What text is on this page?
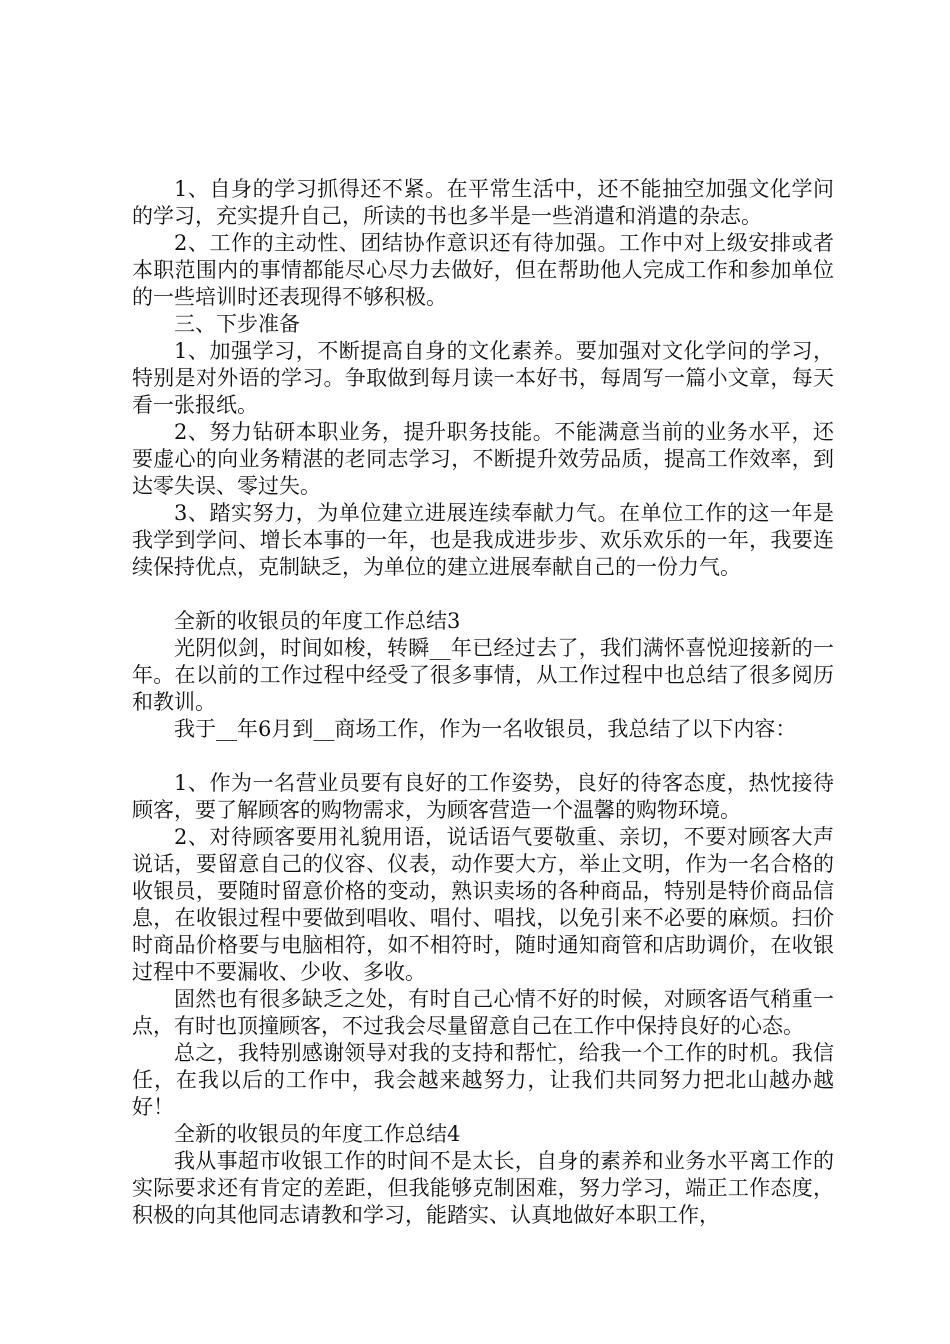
1、自身的学习抓得还不紧。在平常生活中，还不能抽空加强文化学问的学习，充实提升自己，所读的书也多半是一些消遣和消遣的杂志。

2、工作的主动性、团结协作意识还有待加强。工作中对上级安排或者本职范围内的事情都能尽心尽力去做好，但在帮助他人完成工作和参加单位的一些培训时还表现得不够积极。

三、下步准备

1、加强学习，不断提高自身的文化素养。要加强对文化学问的学习，特别是对外语的学习。争取做到每月读一本好书，每周写一篇小文章，每天看一张报纸。

2、努力钻研本职业务，提升职务技能。不能满意当前的业务水平，还要虚心的向业务精湛的老同志学习，不断提升效劳品质，提高工作效率，到达零失误、零过失。

3、踏实努力，为单位建立进展连续奉献力气。在单位工作的这一年是我学到学问、增长本事的一年，也是我成进步步、欢乐欢乐的一年，我要连续保持优点，克制缺乏，为单位的建立进展奉献自己的一份力气。

全新的收银员的年度工作总结3

光阴似剑，时间如梭，转瞬__年已经过去了，我们满怀喜悦迎接新的一年。在以前的工作过程中经受了很多事情，从工作过程中也总结了很多阅历和教训。

我于__年6月到__商场工作，作为一名收银员，我总结了以下内容：

1、作为一名营业员要有良好的工作姿势，良好的待客态度，热忱接待顾客，要了解顾客的购物需求，为顾客营造一个温馨的购物环境。

2、对待顾客要用礼貌用语，说话语气要敬重、亲切，不要对顾客大声说话，要留意自己的仪容、仪表，动作要大方，举止文明，作为一名合格的收银员，要随时留意价格的变动，熟识卖场的各种商品，特别是特价商品信息，在收银过程中要做到唱收、唱付、唱找，以免引来不必要的麻烦。扫价时商品价格要与电脑相符，如不相符时，随时通知商管和店助调价，在收银过程中不要漏收、少收、多收。

固然也有很多缺乏之处，有时自己心情不好的时候，对顾客语气稍重一点，有时也顶撞顾客，不过我会尽量留意自己在工作中保持良好的心态。

总之，我特别感谢领导对我的支持和帮忙，给我一个工作的时机。我信任，在我以后的工作中，我会越来越努力，让我们共同努力把北山越办越好！

全新的收银员的年度工作总结4

我从事超市收银工作的时间不是太长，自身的素养和业务水平离工作的实际要求还有肯定的差距，但我能够克制困难，努力学习，端正工作态度，积极的向其他同志请教和学习，能踏实、认真地做好本职工作，
